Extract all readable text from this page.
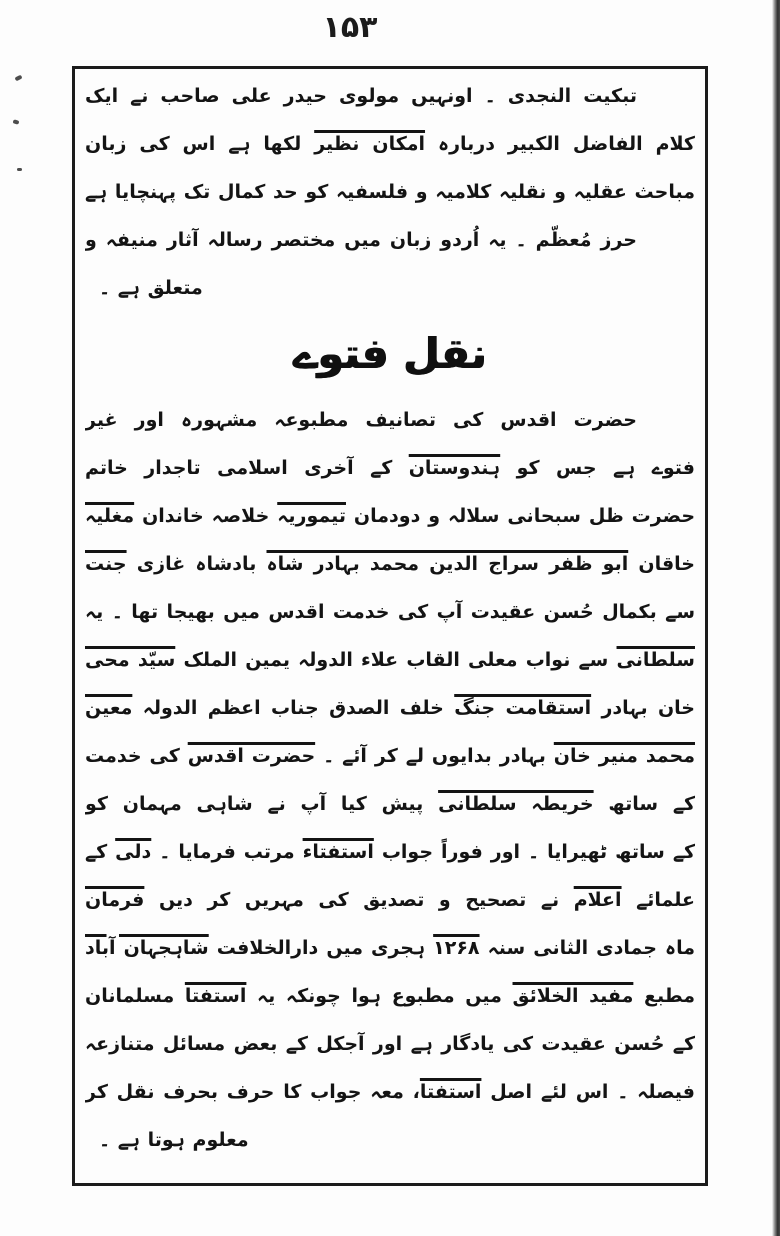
۱۵۳
تبکیت النجدی ۔ اونہیں مولوی حیدر علی صاحب نے ایک
کلام الفاضل الکبیر دربارہ امکان نظیر لکھا ہے اس کی زبان
مباحث عقلیہ و نقلیہ کلامیہ و فلسفیہ کو حد کمال تک پہنچایا ہے
حرز مُعظّم ۔ یہ اُردو زبان میں مختصر رسالہ آثار منیفہ و
متعلق ہے ۔
نقل فتوے
حضرت اقدس کی تصانیف مطبوعہ مشہورہ اور غیر
فتوے ہے جس کو ہندوستان کے آخری اسلامی تاجدار خاتم
حضرت ظل سبحانی سلالہ و دودمان تیموریہ خلاصہ خاندان مغلیہ
خاقان ابو ظفر سراج الدین محمد بہادر شاہ بادشاہ غازی جنت
سے بکمال حُسن عقیدت آپ کی خدمت اقدس میں بھیجا تھا ۔ یہ
سلطانی سے نواب معلی القاب علاء الدولہ یمین الملک سیّد محی
خان بہادر استقامت جنگ خلف الصدق جناب اعظم الدولہ معین
محمد منیر خان بہادر بدایوں لے کر آئے ۔ حضرت اقدس کی خدمت
کے ساتھ خریطہ سلطانی پیش کیا آپ نے شاہی مہمان کو
کے ساتھ ٹھیرایا ۔ اور فوراً جواب استفتاء مرتب فرمایا ۔ دلی کے
علمائے اعلام نے تصحیح و تصدیق کی مہریں کر دیں فرمان
ماہ جمادی الثانی سنہ ۱۲۶۸ ہجری میں دارالخلافت شاہجہان آباد
مطبع مفید الخلائق میں مطبوع ہوا چونکہ یہ استفتا مسلمانان
کے حُسن عقیدت کی یادگار ہے اور آجکل کے بعض مسائل متنازعہ
فیصلہ ۔ اس لئے اصل استفتا، معہ جواب کا حرف بحرف نقل کر
معلوم ہوتا ہے ۔
